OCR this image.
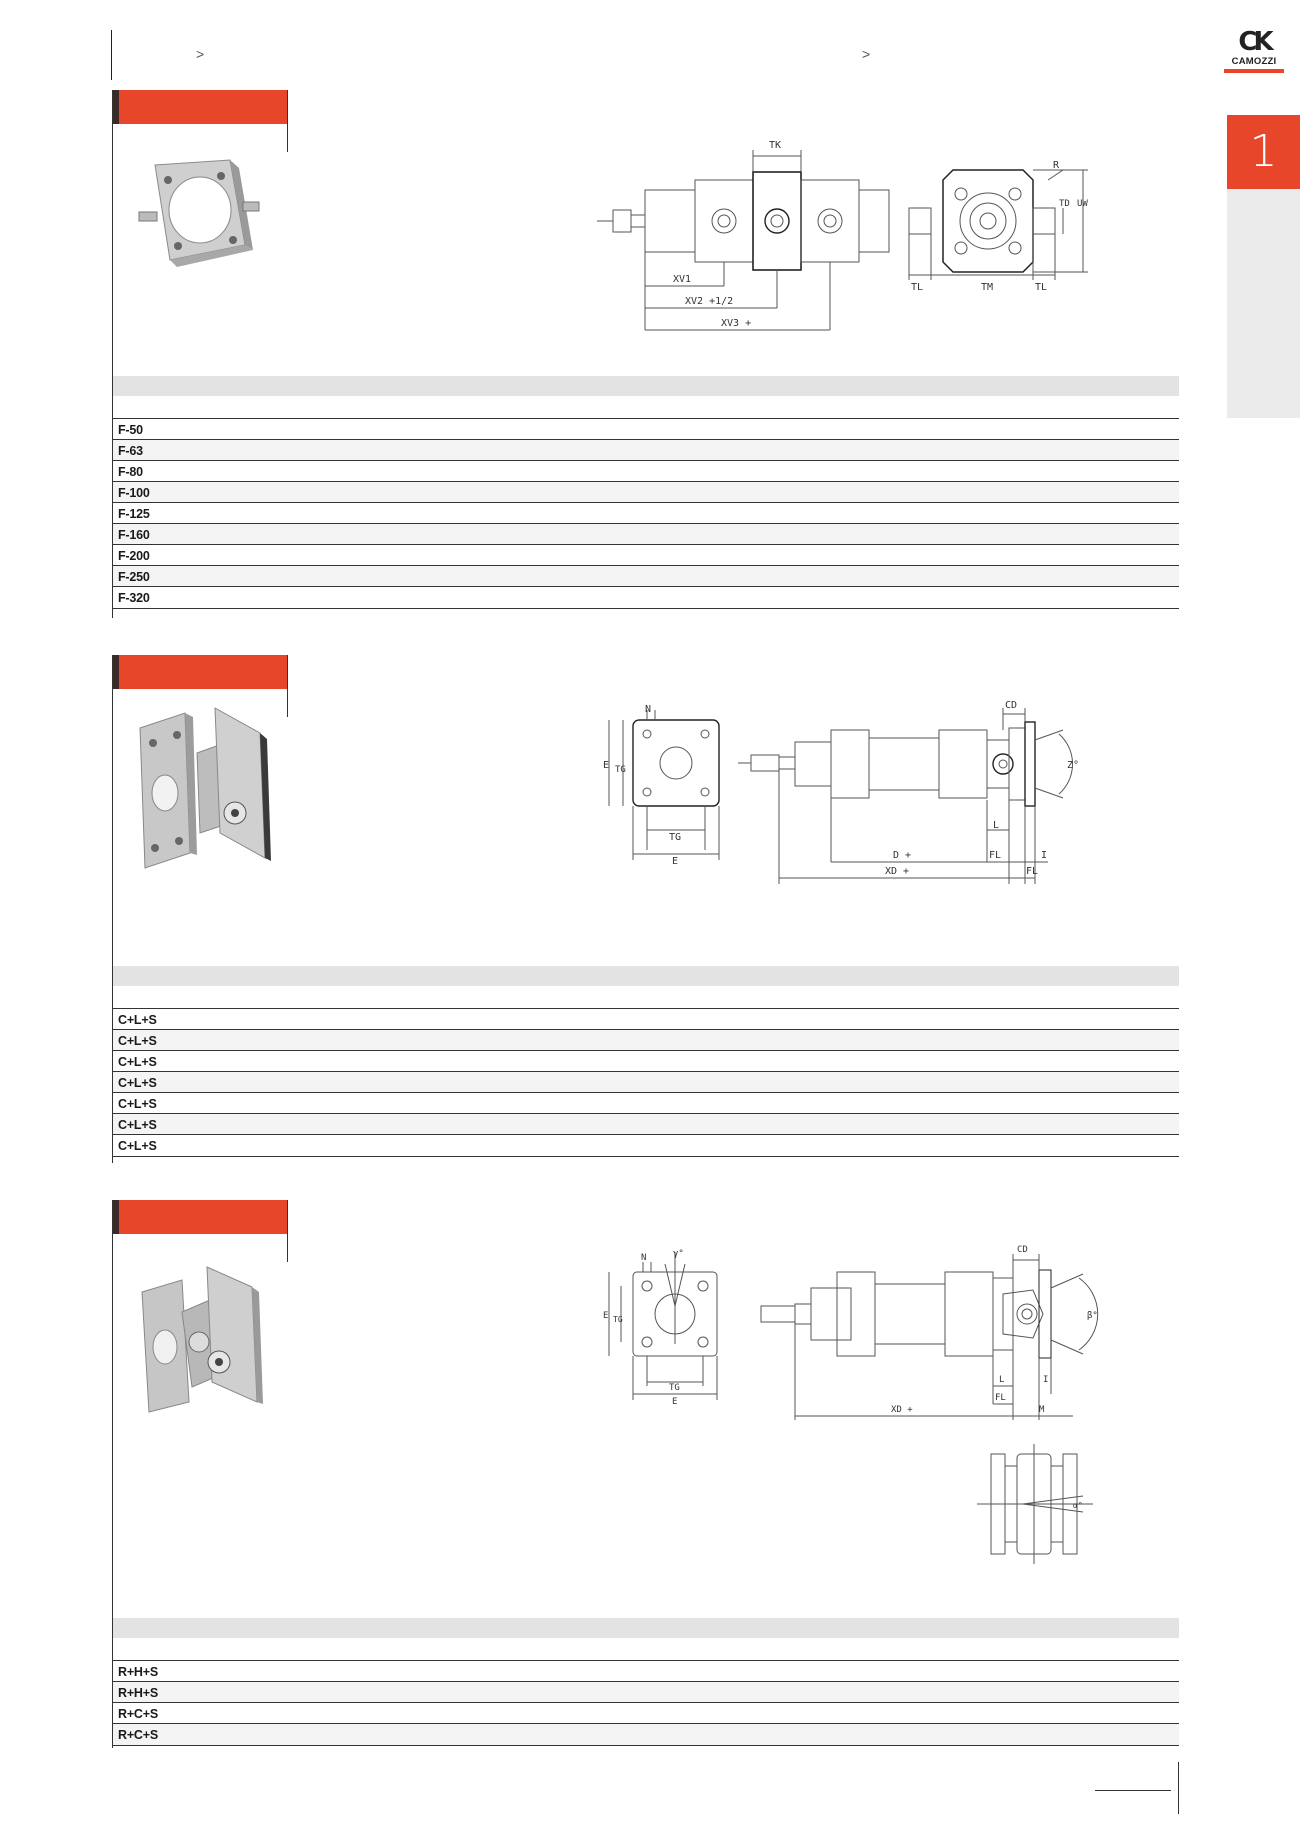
>	>	CK
CAMOZZI
1
TK
XV1
XV2 +1/2
XV3 +
R
TD UW
TL	TM	TL
F-50
F-63
F-80
F-100
F-125
F-160
F-200
F-250
F-320
N
E TG
TG
E
CD
Z°
L
D +	FL	I
XD +	FL
C+L+S
C+L+S
C+L+S
C+L+S
C+L+S
C+L+S
C+L+S
N	γ°
E TG
TG
E
CD
β°
L
FL
I
XD +	M
α°
R+H+S
R+H+S
R+C+S
R+C+S
